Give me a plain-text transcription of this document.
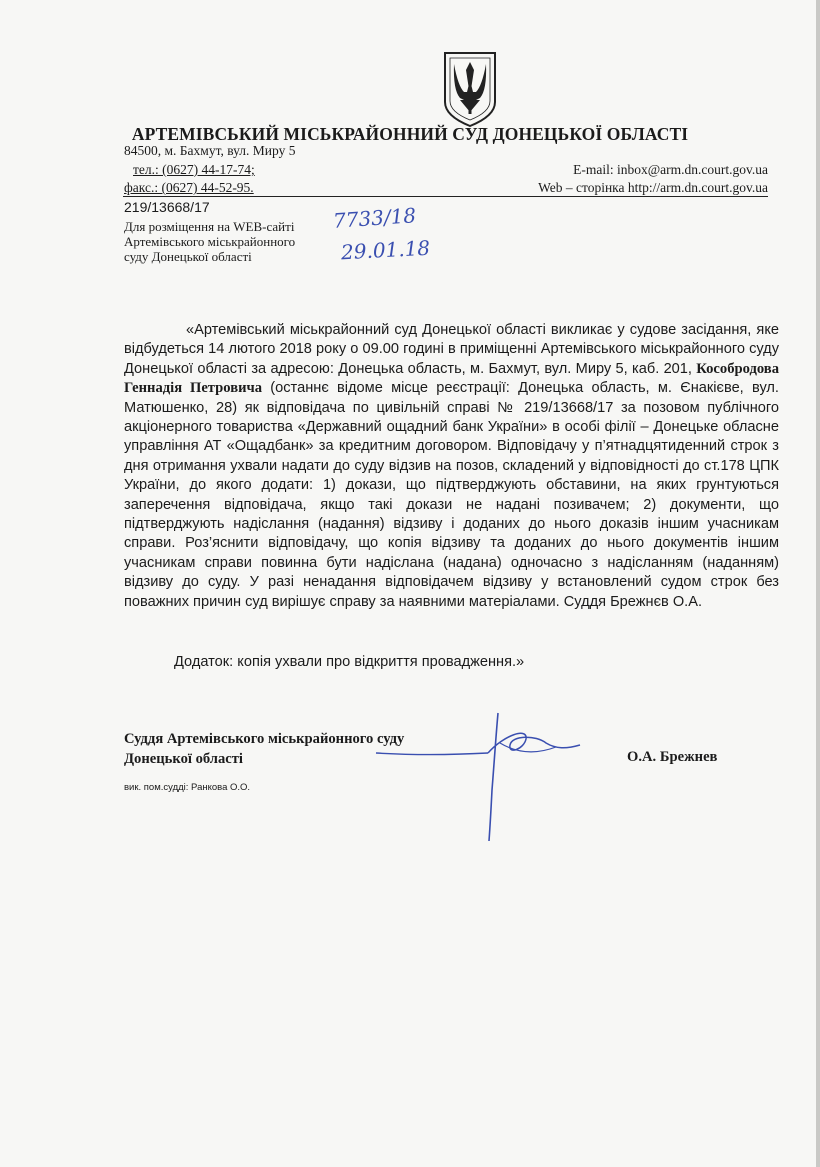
АРТЕМІВСЬКИЙ МІСЬКРАЙОННИЙ СУД ДОНЕЦЬКОЇ ОБЛАСТІ
84500, м. Бахмут, вул. Миру 5
тел.: (0627) 44-17-74;
факс.: (0627) 44-52-95.
E-mail: inbox@arm.dn.court.gov.ua
Web – сторінка http://arm.dn.court.gov.ua
219/13668/17
Для розміщення на WEB-сайті
Артемівського міськрайонного
суду Донецької області
7733/18
29.01.18
«Артемівський міськрайонний суд Донецької області викликає у судове засідання, яке відбудеться 14 лютого 2018 року о 09.00 годині в приміщенні Артемівського міськрайонного суду Донецької області за адресою: Донецька область, м. Бахмут, вул. Миру 5, каб. 201, Кособродова Геннадія Петровича (останнє відоме місце реєстрації: Донецька область, м. Єнакієве, вул. Матюшенко, 28) як відповідача по цивільній справі № 219/13668/17 за позовом публічного акціонерного товариства «Державний ощадний банк України» в особі філії – Донецьке обласне управління АТ «Ощадбанк» за кредитним договором. Відповідачу у п’ятнадцятиденний строк з дня отримання ухвали надати до суду відзив на позов, складений у відповідності до ст.178 ЦПК України, до якого додати: 1) докази, що підтверджують обставини, на яких грунтуються заперечення відповідача, якщо такі докази не надані позивачем; 2) документи, що підтверджують надіслання (надання) відзиву і доданих до нього доказів іншим учасникам справи. Роз’яснити відповідачу, що копія відзиву та доданих до нього документів іншим учасникам справи повинна бути надіслана (надана) одночасно з надісланням (наданням) відзиву до суду. У разі ненадання відповідачем відзиву у встановлений судом строк без поважних причин суд вирішує справу за наявними матеріалами. Суддя Брежнєв О.А.
Додаток: копія ухвали про відкриття провадження.»
Суддя Артемівського міськрайонного суду
Донецької області	О.А. Брежнев
вик. пом.судді: Ранкова О.О.
